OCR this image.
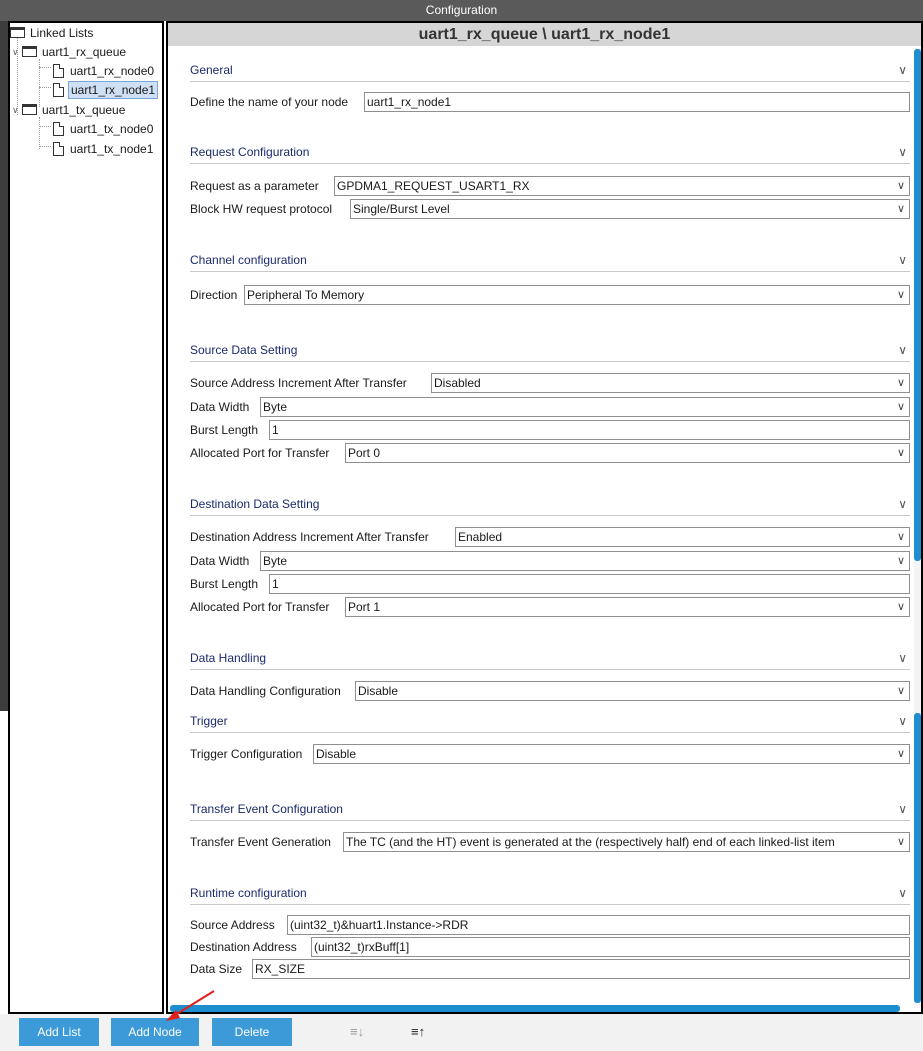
Configuration
Linked Lists
∨ uart1_rx_queue
uart1_rx_node0
uart1_rx_node1
∨ uart1_tx_queue
uart1_tx_node0
uart1_tx_node1
uart1_rx_queue \ uart1_rx_node1
General	∨
Define the name of your node uart1_rx_node1
Request Configuration	∨
Request as a parameter GPDMA1_REQUEST_USART1_RX	∨
Block HW request protocol Single/Burst Level	∨
Channel configuration	∨
Direction Peripheral To Memory	∨
Source Data Setting	∨
Source Address Increment After Transfer Disabled	∨
Data Width Byte	∨
Burst Length 1
Allocated Port for Transfer Port 0	∨
Destination Data Setting	∨
Destination Address Increment After Transfer Enabled	∨
Data Width Byte	∨
Burst Length 1
Allocated Port for Transfer Port 1	∨
Data Handling	∨
Data Handling Configuration Disable	∨
Trigger	∨
Trigger Configuration Disable	∨
Transfer Event Configuration	∨
Transfer Event Generation The TC (and the HT) event is generated at the (respectively half) end of each linked-list item	∨
Runtime configuration	∨
Source Address (uint32_t)&huart1.Instance->RDR
Destination Address (uint32_t)rxBuff[1]
Data Size RX_SIZE
Add List	Add Node	Delete	≡↓	≡↑
